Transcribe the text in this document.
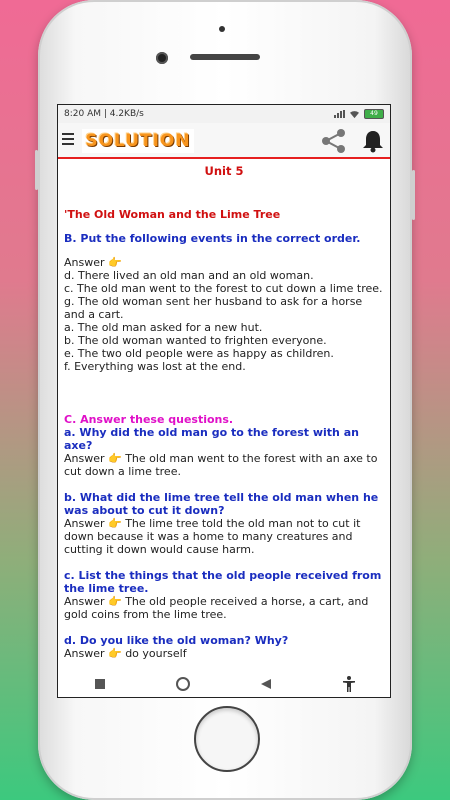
8:20 AM | 4.2KB/s	49
SOLUTION

Unit 5

'The Old Woman and the Lime Tree

B. Put the following events in the correct order.

Answer 👉

d. There lived an old man and an old woman.

c. The old man went to the forest to cut down a lime tree.

g. The old woman sent her husband to ask for a horse and a cart.

a. The old man asked for a new hut.

b. The old woman wanted to frighten everyone.

e. The two old people were as happy as children.

f. Everything was lost at the end.

C. Answer these questions.

a. Why did the old man go to the forest with an axe?

Answer 👉 The old man went to the forest with an axe to cut down a lime tree.

b. What did the lime tree tell the old man when he was about to cut it down?

Answer 👉 The lime tree told the old man not to cut it down because it was a home to many creatures and cutting it down would cause harm.

c. List the things that the old people received from the lime tree.

Answer 👉 The old people received a horse, a cart, and gold coins from the lime tree.

d. Do you like the old woman? Why?

Answer 👉 do yourself
